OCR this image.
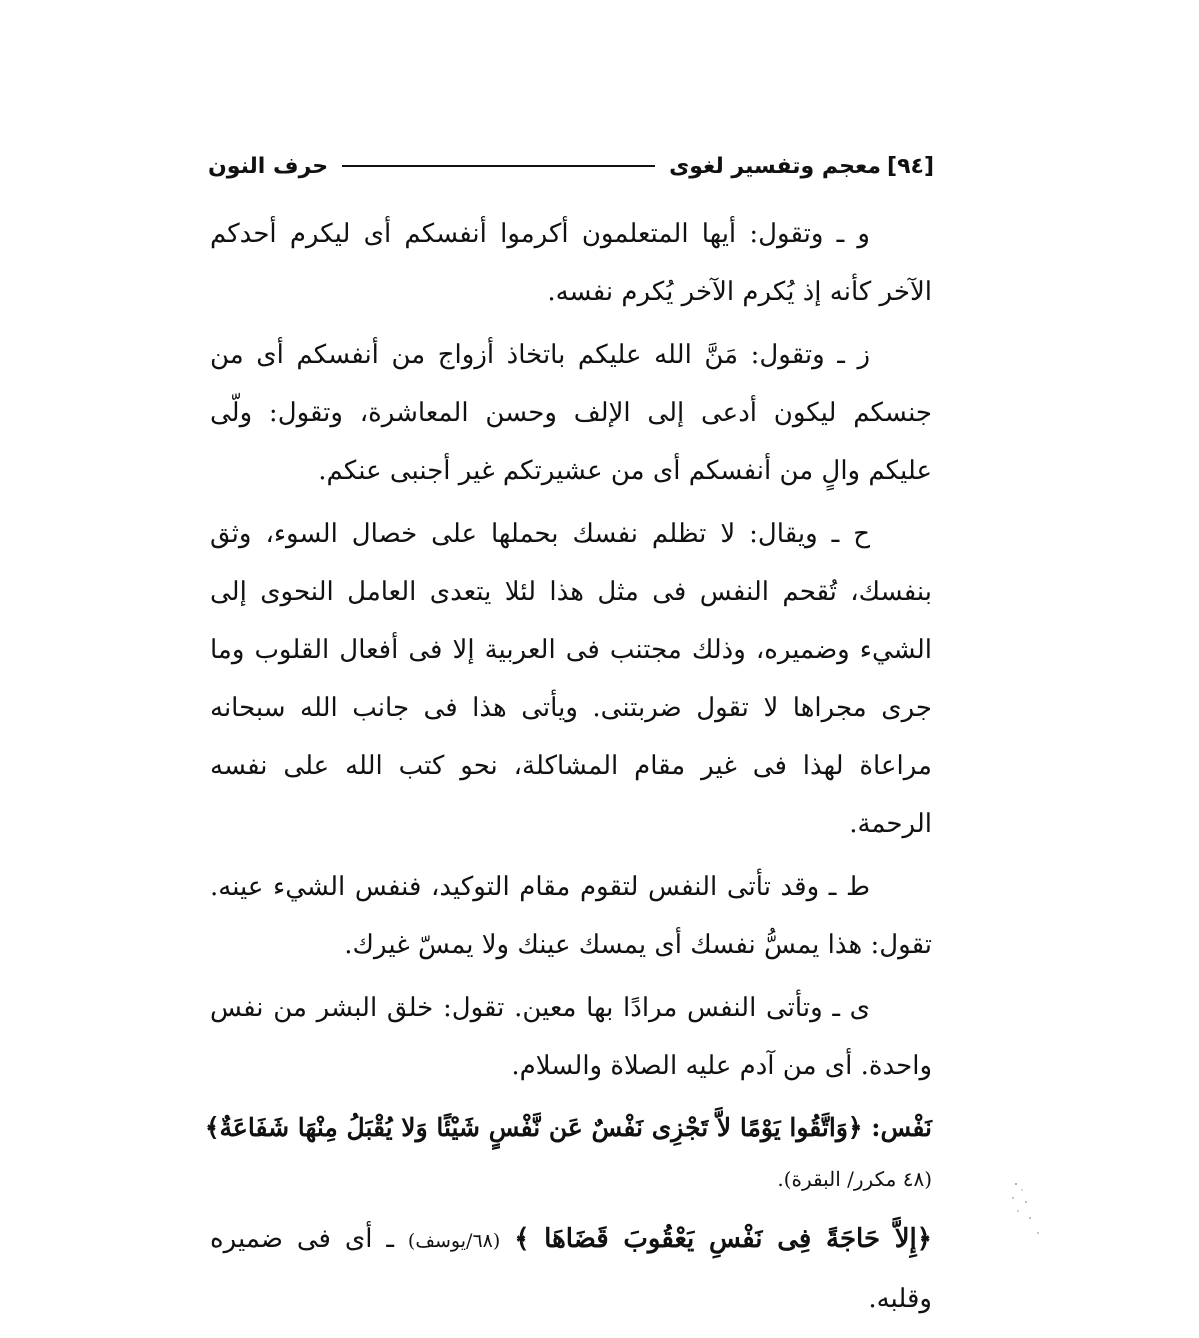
[٩٤]
معجم وتفسير لغوى
حرف النون

و ـ وتقول: أيها المتعلمون أكرموا أنفسكم أى ليكرم أحدكم الآخر كأنه إذ يُكرم الآخر يُكرم نفسه.

ز ـ وتقول: مَنَّ الله عليكم باتخاذ أزواج من أنفسكم أى من جنسكم ليكون أدعى إلى الإلف وحسن المعاشرة، وتقول: ولّى عليكم والٍ من أنفسكم أى من عشيرتكم غير أجنبى عنكم.

ح ـ ويقال: لا تظلم نفسك بحملها على خصال السوء، وثق بنفسك، تُقحم النفس فى مثل هذا لئلا يتعدى العامل النحوى إلى الشيء وضميره، وذلك مجتنب فى العربية إلا فى أفعال القلوب وما جرى مجراها لا تقول ضربتنى. ويأتى هذا فى جانب الله سبحانه مراعاة لهذا فى غير مقام المشاكلة، نحو كتب الله على نفسه الرحمة.

ط ـ وقد تأتى النفس لتقوم مقام التوكيد، فنفس الشيء عينه. تقول: هذا يمسُّ نفسك أى يمسك عينك ولا يمسّ غيرك.

ى ـ وتأتى النفس مرادًا بها معين. تقول: خلق البشر من نفس واحدة. أى من آدم عليه الصلاة والسلام.

نَفْس: ﴿وَاتَّقُوا يَوْمًا لاَّ تَجْزِى نَفْسٌ عَن نَّفْسٍ شَيْئًا وَلا يُقْبَلُ مِنْهَا شَفَاعَةٌ﴾

(٤٨ مكرر/ البقرة).

﴿إِلاَّ حَاجَةً فِى نَفْسِ يَعْقُوبَ قَضَاهَا ﴾ (٦٨/يوسف) ـ أى فى ضميره وقلبه.
